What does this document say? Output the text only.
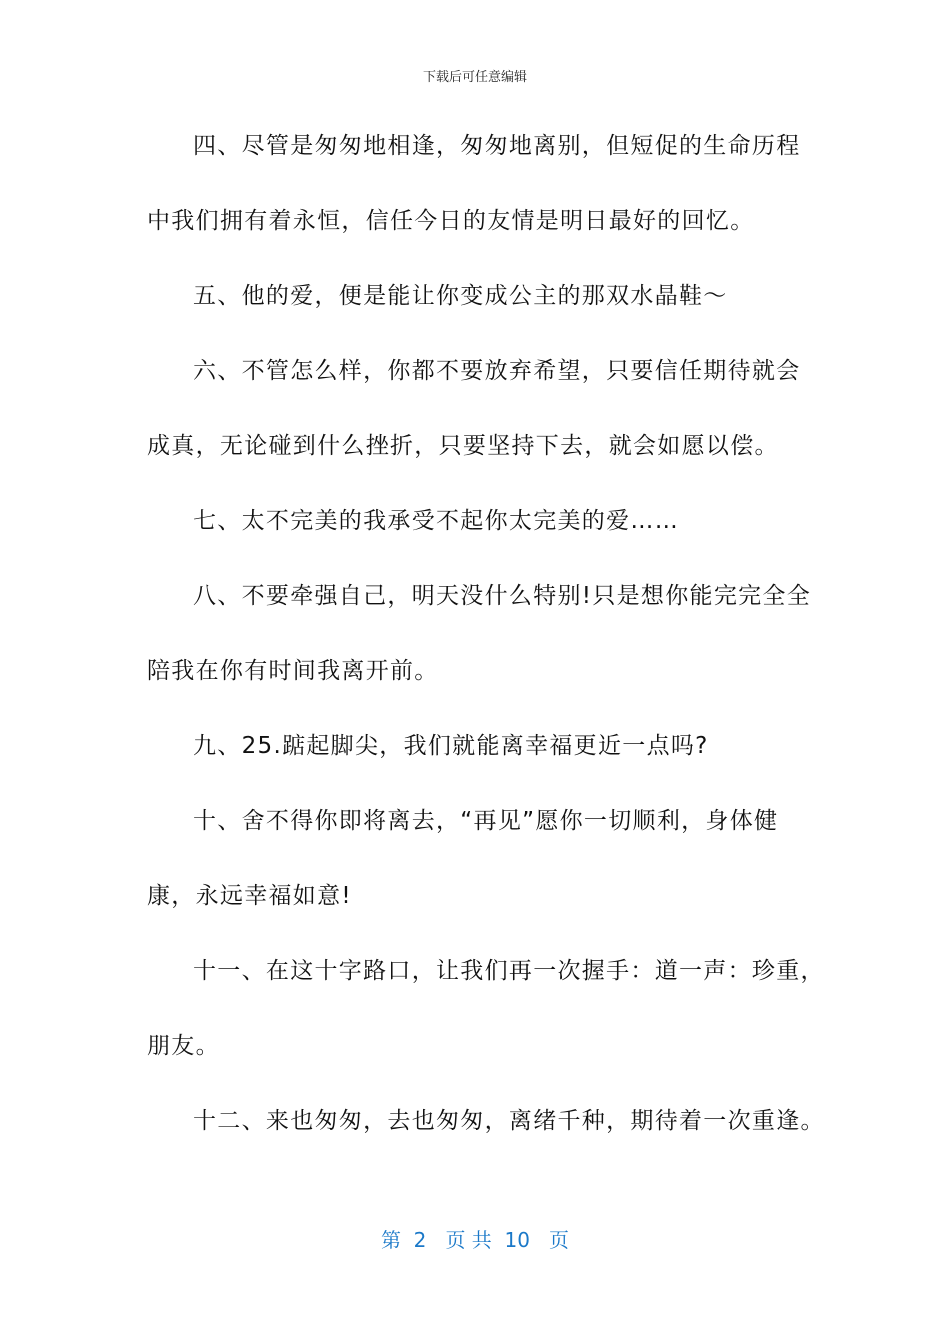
下载后可任意编辑
四、尽管是匆匆地相逢，匆匆地离别，但短促的生命历程
中我们拥有着永恒，信任今日的友情是明日最好的回忆。
五、他的爱，便是能让你变成公主的那双水晶鞋～
六、不管怎么样，你都不要放弃希望，只要信任期待就会
成真，无论碰到什么挫折，只要坚持下去，就会如愿以偿。
七、太不完美的我承受不起你太完美的爱……
八、不要牵强自己，明天没什么特别!只是想你能完完全全
陪我在你有时间我离开前。
九、25.踮起脚尖，我们就能离幸福更近一点吗?
十、舍不得你即将离去，“再见”愿你一切顺利，身体健
康，永远幸福如意!
十一、在这十字路口，让我们再一次握手：道一声：珍重，
朋友。
十二、来也匆匆，去也匆匆，离绪千种，期待着一次重逢。
第  2   页 共  10   页
